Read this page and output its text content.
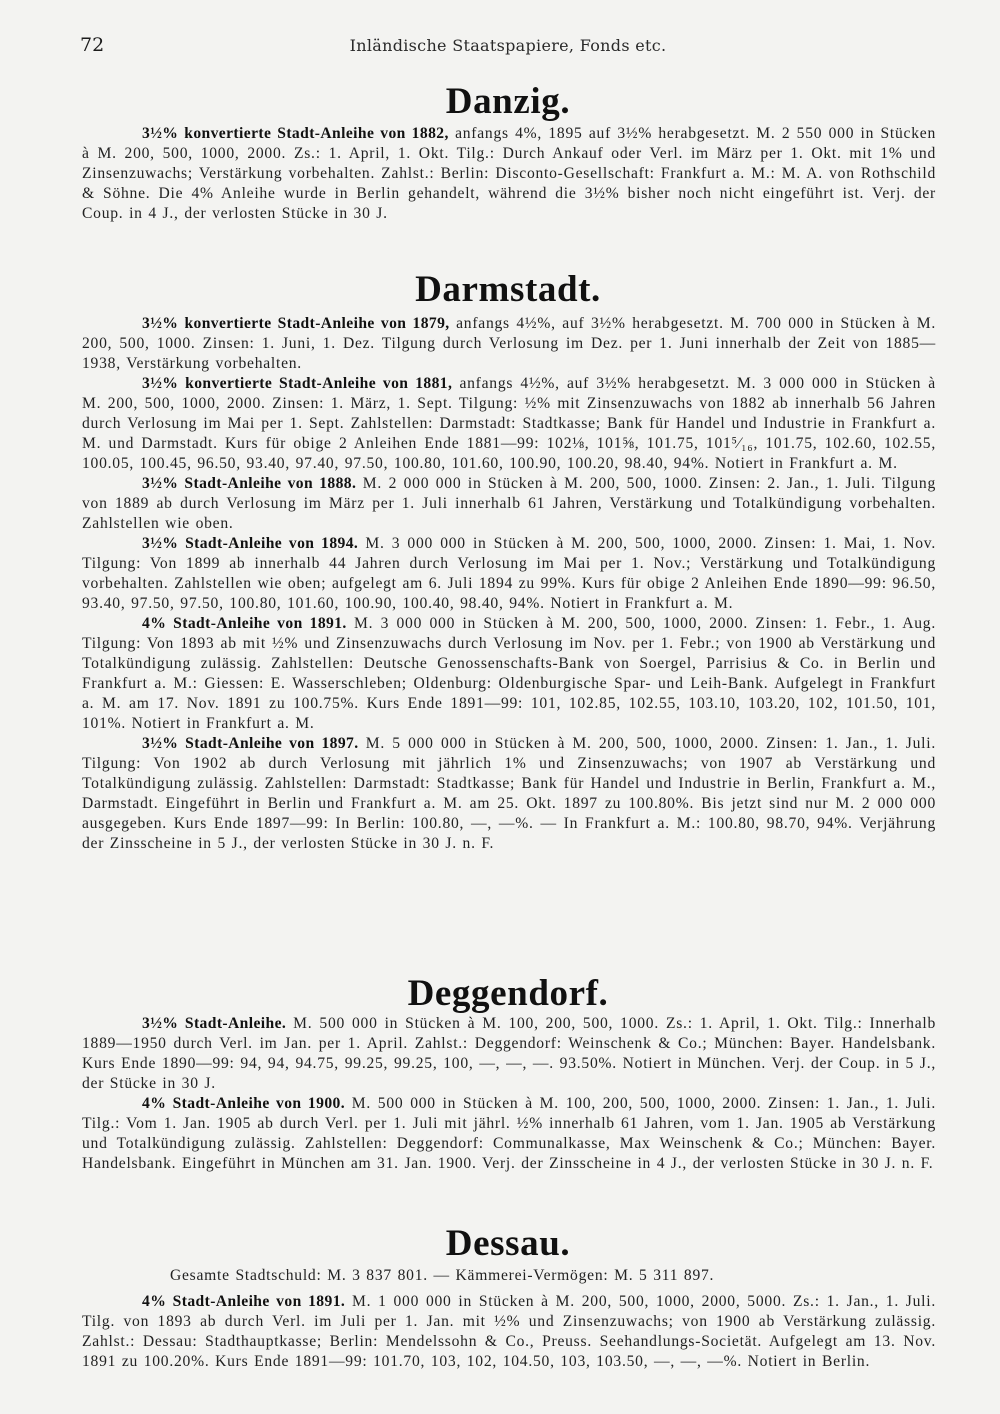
72	Inländische Staatspapiere, Fonds etc.
Danzig.

3½% konvertierte Stadt-Anleihe von 1882, anfangs 4%, 1895 auf 3½% herabgesetzt. M. 2 550 000 in Stücken à M. 200, 500, 1000, 2000. Zs.: 1. April, 1. Okt. Tilg.: Durch Ankauf oder Verl. im März per 1. Okt. mit 1% und Zinsenzuwachs; Verstärkung vorbehalten. Zahlst.: Berlin: Disconto-Gesellschaft: Frankfurt a. M.: M. A. von Rothschild & Söhne. Die 4% Anleihe wurde in Berlin gehandelt, während die 3½% bisher noch nicht eingeführt ist. Verj. der Coup. in 4 J., der verlosten Stücke in 30 J.

Darmstadt.

3½% konvertierte Stadt-Anleihe von 1879, anfangs 4½%, auf 3½% herabgesetzt. M. 700 000 in Stücken à M. 200, 500, 1000. Zinsen: 1. Juni, 1. Dez. Tilgung durch Verlosung im Dez. per 1. Juni innerhalb der Zeit von 1885—1938, Verstärkung vorbehalten.

3½% konvertierte Stadt-Anleihe von 1881, anfangs 4½%, auf 3½% herabgesetzt. M. 3 000 000 in Stücken à M. 200, 500, 1000, 2000. Zinsen: 1. März, 1. Sept. Tilgung: ½% mit Zinsenzuwachs von 1882 ab innerhalb 56 Jahren durch Verlosung im Mai per 1. Sept. Zahlstellen: Darmstadt: Stadtkasse; Bank für Handel und Industrie in Frankfurt a. M. und Darmstadt. Kurs für obige 2 Anleihen Ende 1881—99: 102⅛, 101⅝, 101.75, 101⁵⁄₁₆, 101.75, 102.60, 102.55, 100.05, 100.45, 96.50, 93.40, 97.40, 97.50, 100.80, 101.60, 100.90, 100.20, 98.40, 94%. Notiert in Frankfurt a. M.

3½% Stadt-Anleihe von 1888. M. 2 000 000 in Stücken à M. 200, 500, 1000. Zinsen: 2. Jan., 1. Juli. Tilgung von 1889 ab durch Verlosung im März per 1. Juli innerhalb 61 Jahren, Verstärkung und Totalkündigung vorbehalten. Zahlstellen wie oben.

3½% Stadt-Anleihe von 1894. M. 3 000 000 in Stücken à M. 200, 500, 1000, 2000. Zinsen: 1. Mai, 1. Nov. Tilgung: Von 1899 ab innerhalb 44 Jahren durch Verlosung im Mai per 1. Nov.; Verstärkung und Totalkündigung vorbehalten. Zahlstellen wie oben; aufgelegt am 6. Juli 1894 zu 99%. Kurs für obige 2 Anleihen Ende 1890—99: 96.50, 93.40, 97.50, 97.50, 100.80, 101.60, 100.90, 100.40, 98.40, 94%. Notiert in Frankfurt a. M.

4% Stadt-Anleihe von 1891. M. 3 000 000 in Stücken à M. 200, 500, 1000, 2000. Zinsen: 1. Febr., 1. Aug. Tilgung: Von 1893 ab mit ½% und Zinsenzuwachs durch Verlosung im Nov. per 1. Febr.; von 1900 ab Verstärkung und Totalkündigung zulässig. Zahlstellen: Deutsche Genossenschafts-Bank von Soergel, Parrisius & Co. in Berlin und Frankfurt a. M.: Giessen: E. Wasserschleben; Oldenburg: Oldenburgische Spar- und Leih-Bank. Aufgelegt in Frankfurt a. M. am 17. Nov. 1891 zu 100.75%. Kurs Ende 1891—99: 101, 102.85, 102.55, 103.10, 103.20, 102, 101.50, 101, 101%. Notiert in Frankfurt a. M.

3½% Stadt-Anleihe von 1897. M. 5 000 000 in Stücken à M. 200, 500, 1000, 2000. Zinsen: 1. Jan., 1. Juli. Tilgung: Von 1902 ab durch Verlosung mit jährlich 1% und Zinsenzuwachs; von 1907 ab Verstärkung und Totalkündigung zulässig. Zahlstellen: Darmstadt: Stadtkasse; Bank für Handel und Industrie in Berlin, Frankfurt a. M., Darmstadt. Eingeführt in Berlin und Frankfurt a. M. am 25. Okt. 1897 zu 100.80%. Bis jetzt sind nur M. 2 000 000 ausgegeben. Kurs Ende 1897—99: In Berlin: 100.80, —, —%. — In Frankfurt a. M.: 100.80, 98.70, 94%. Verjährung der Zinsscheine in 5 J., der verlosten Stücke in 30 J. n. F.

Deggendorf.

3½% Stadt-Anleihe. M. 500 000 in Stücken à M. 100, 200, 500, 1000. Zs.: 1. April, 1. Okt. Tilg.: Innerhalb 1889—1950 durch Verl. im Jan. per 1. April. Zahlst.: Deggendorf: Weinschenk & Co.; München: Bayer. Handelsbank. Kurs Ende 1890—99: 94, 94, 94.75, 99.25, 99.25, 100, —, —, —. 93.50%. Notiert in München. Verj. der Coup. in 5 J., der Stücke in 30 J.

4% Stadt-Anleihe von 1900. M. 500 000 in Stücken à M. 100, 200, 500, 1000, 2000. Zinsen: 1. Jan., 1. Juli. Tilg.: Vom 1. Jan. 1905 ab durch Verl. per 1. Juli mit jährl. ½% innerhalb 61 Jahren, vom 1. Jan. 1905 ab Verstärkung und Totalkündigung zulässig. Zahlstellen: Deggendorf: Communalkasse, Max Weinschenk & Co.; München: Bayer. Handelsbank. Eingeführt in München am 31. Jan. 1900. Verj. der Zinsscheine in 4 J., der verlosten Stücke in 30 J. n. F.

Dessau.

Gesamte Stadtschuld: M. 3 837 801. — Kämmerei-Vermögen: M. 5 311 897.

4% Stadt-Anleihe von 1891. M. 1 000 000 in Stücken à M. 200, 500, 1000, 2000, 5000. Zs.: 1. Jan., 1. Juli. Tilg. von 1893 ab durch Verl. im Juli per 1. Jan. mit ½% und Zinsenzuwachs; von 1900 ab Verstärkung zulässig. Zahlst.: Dessau: Stadthauptkasse; Berlin: Mendelssohn & Co., Preuss. Seehandlungs-Societät. Aufgelegt am 13. Nov. 1891 zu 100.20%. Kurs Ende 1891—99: 101.70, 103, 102, 104.50, 103, 103.50, —, —, —%. Notiert in Berlin.
